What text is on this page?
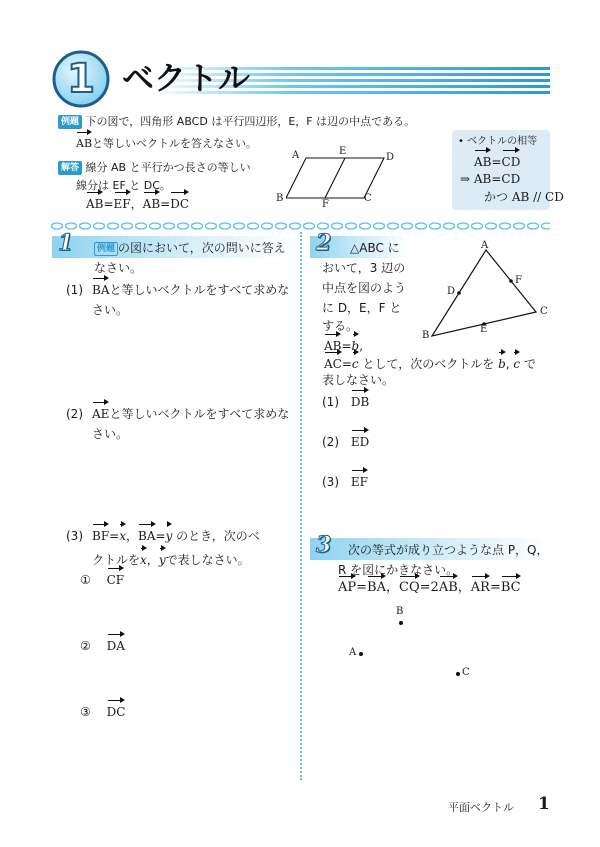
1 ベクトル
例題 下の図で，四角形 ABCD は平行四辺形，E，F は辺の中点である。
ABと等しいベクトルを答えなさい。
解答 線分 AB と平行かつ長さの等しい
線分は EF と DC。
AB=EF，AB=DC
A	E
D
B
F
C
• ベクトルの相等
AB=CD
⇒ AB=CD
かつ AB // CD
1	例題 の図において，次の問いに答えなさい。
(1) BAと等しいベクトルをすべて求めなさい。
(2) AEと等しいベクトルをすべて求めなさい。
(3) BF=x，BA=y のとき，次のベ
クトルをx，yで表しなさい。
① CF
② DA
③ DC
2 △ABC に
おいて，3 辺の
中点を図のよう
に D，E，F と
する。
AB=b,
AC=c として，次のベクトルを b, c で
表しなさい。
(1) DB
(2) ED
(3) EF
A
B
C
D
E
F
3 次の等式が成り立つような点 P，Q，
R を図にかきなさい。
AP=BA，CQ=2AB，AR=BC
B
A
C
平面ベクトル 1
